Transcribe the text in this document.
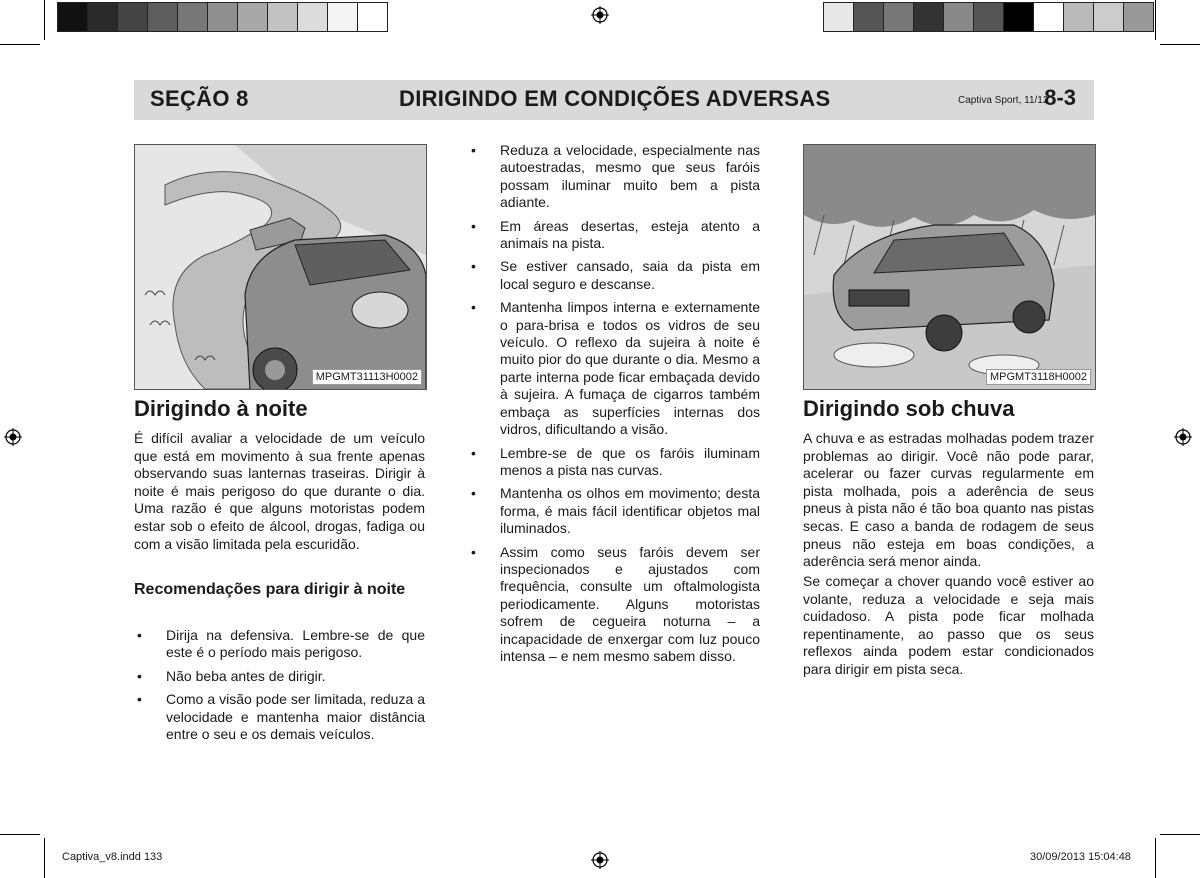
SEÇÃO 8	DIRIGINDO EM CONDIÇÕES ADVERSAS	Captiva Sport, 11/12
8-3
MPGMT31113H0002	MPGMT3118H0002
Dirigindo à noite

É difícil avaliar a velocidade de um veículo que está em movimento à sua frente apenas observando suas lanternas traseiras. Dirigir à noite é mais perigoso do que durante o dia. Uma razão é que alguns motoristas podem estar sob o efeito de álcool, drogas, fadiga ou com a visão limitada pela escuridão.

Recomendações para dirigir à noite
• Dirija na defensiva. Lembre-se de que este é o período mais perigoso.
• Não beba antes de dirigir.
• Como a visão pode ser limitada, reduza a velocidade e mantenha maior distância entre o seu e os demais veículos.
• Reduza a velocidade, especialmente nas autoestradas, mesmo que seus faróis possam iluminar muito bem a pista adiante.
• Em áreas desertas, esteja atento a animais na pista.
• Se estiver cansado, saia da pista em local seguro e descanse.
• Mantenha limpos interna e externamente o para-brisa e todos os vidros de seu veículo. O reflexo da sujeira à noite é muito pior do que durante o dia. Mesmo a parte interna pode ficar embaçada devido à sujeira. A fumaça de cigarros também embaça as superfícies internas dos vidros, dificultando a visão.
• Lembre-se de que os faróis iluminam menos a pista nas curvas.
• Mantenha os olhos em movimento; desta forma, é mais fácil identificar objetos mal iluminados.
• Assim como seus faróis devem ser inspecionados e ajustados com frequência, consulte um oftalmologista periodicamente. Alguns motoristas sofrem de cegueira noturna – a incapacidade de enxergar com luz pouco intensa – e nem mesmo sabem disso.
Dirigindo sob chuva

A chuva e as estradas molhadas podem trazer problemas ao dirigir. Você não pode parar, acelerar ou fazer curvas regularmente em pista molhada, pois a aderência de seus pneus à pista não é tão boa quanto nas pistas secas. E caso a banda de rodagem de seus pneus não esteja em boas condições, a aderência será menor ainda.

Se começar a chover quando você estiver ao volante, reduza a velocidade e seja mais cuidadoso. A pista pode ficar molhada repentinamente, ao passo que os seus reflexos ainda podem estar condicionados para dirigir em pista seca.

Captiva_v8.indd 133	30/09/2013 15:04:48
